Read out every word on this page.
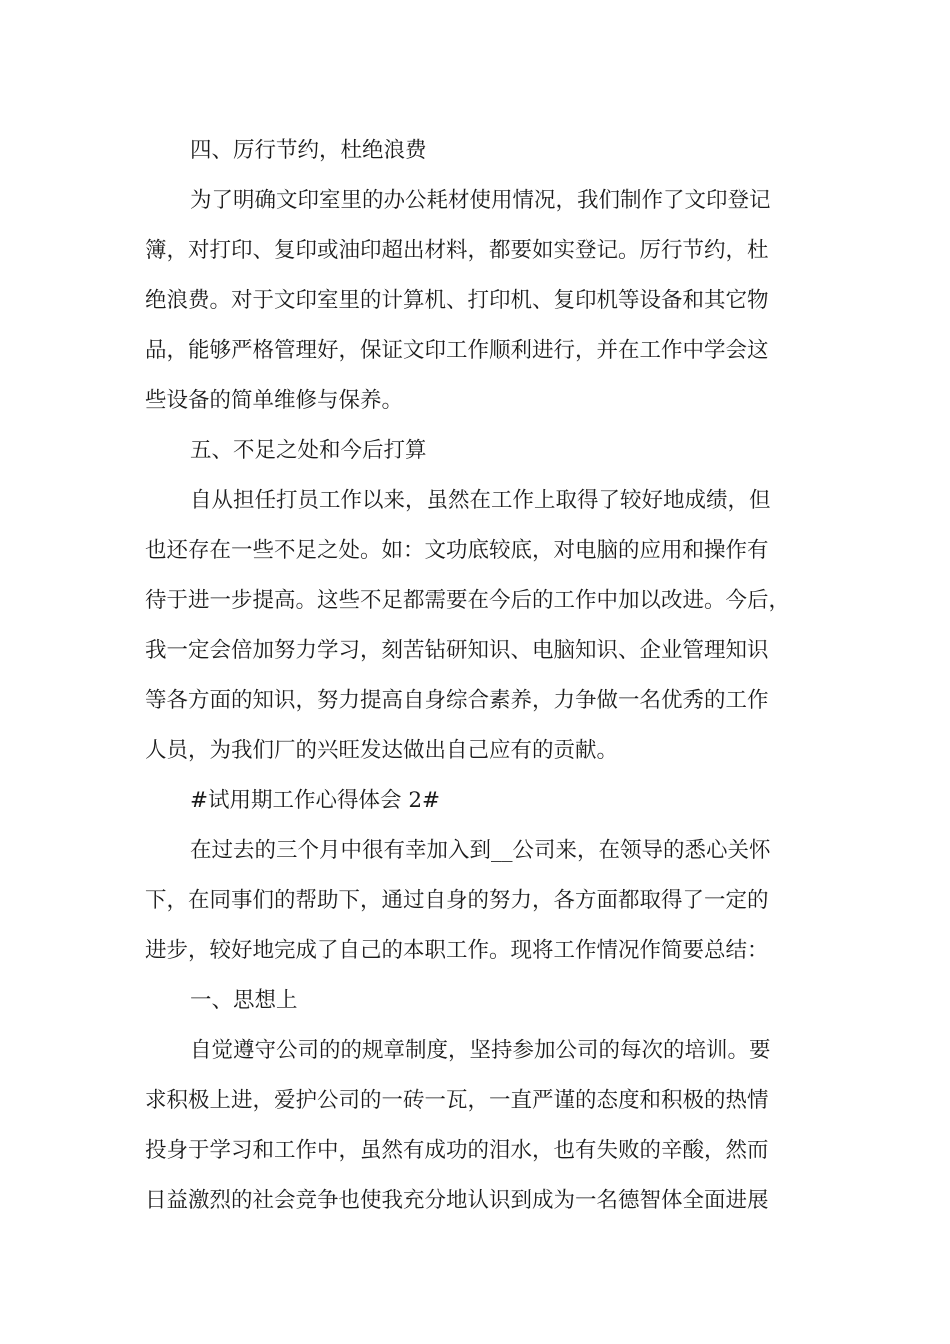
四、厉行节约，杜绝浪费
为了明确文印室里的办公耗材使用情况，我们制作了文印登记
簿，对打印、复印或油印超出材料，都要如实登记。厉行节约，杜
绝浪费。对于文印室里的计算机、打印机、复印机等设备和其它物
品，能够严格管理好，保证文印工作顺利进行，并在工作中学会这
些设备的简单维修与保养。
五、不足之处和今后打算
自从担任打员工作以来，虽然在工作上取得了较好地成绩，但
也还存在一些不足之处。如：文功底较底，对电脑的应用和操作有
待于进一步提高。这些不足都需要在今后的工作中加以改进。今后，
我一定会倍加努力学习，刻苦钻研知识、电脑知识、企业管理知识
等各方面的知识，努力提高自身综合素养，力争做一名优秀的工作
人员，为我们厂的兴旺发达做出自己应有的贡献。
#试用期工作心得体会 2#
在过去的三个月中很有幸加入到__公司来，在领导的悉心关怀
下，在同事们的帮助下，通过自身的努力，各方面都取得了一定的
进步，较好地完成了自己的本职工作。现将工作情况作简要总结：
一、思想上
自觉遵守公司的的规章制度，坚持参加公司的每次的培训。要
求积极上进，爱护公司的一砖一瓦，一直严谨的态度和积极的热情
投身于学习和工作中，虽然有成功的泪水，也有失败的辛酸，然而
日益激烈的社会竞争也使我充分地认识到成为一名德智体全面进展
